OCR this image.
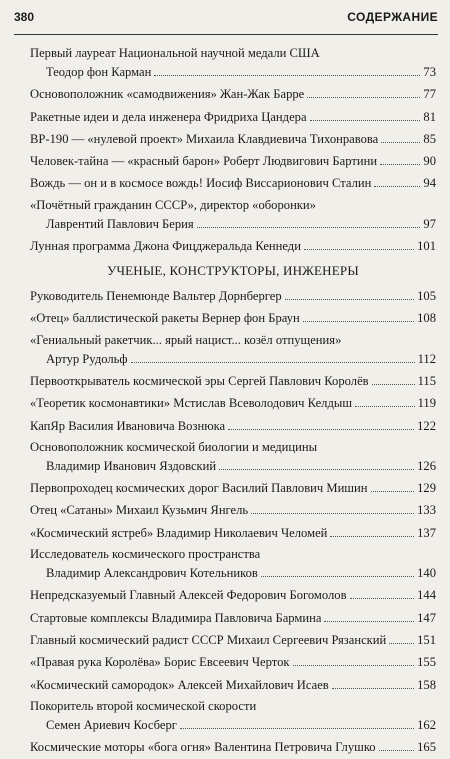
380	СОДЕРЖАНИЕ
Первый лауреат Национальной научной медали США
Теодор фон Карман	73
Основоположник «самодвижения» Жан-Жак Барре	77
Ракетные идеи и дела инженера Фридриха Цандера	81
ВР-190 — «нулевой проект» Михаила Клавдиевича Тихонравова	85
Человек-тайна — «красный барон» Роберт Людвигович Бартини	90
Вождь — он и в космосе вождь! Иосиф Виссарионович Сталин	94
«Почётный гражданин СССР», директор «оборонки»
Лаврентий Павлович Берия	97
Лунная программа Джона Фицджеральда Кеннеди	101
УЧЕНЫЕ, КОНСТРУКТОРЫ, ИНЖЕНЕРЫ
Руководитель Пенемюнде Вальтер Дорнбергер	105
«Отец» баллистической ракеты Вернер фон Браун	108
«Гениальный ракетчик... ярый нацист... козёл отпущения»
Артур Рудольф	112
Первооткрыватель космической эры Сергей Павлович Королёв	115
«Теоретик космонавтики» Мстислав Всеволодович Келдыш	119
КапЯр Василия Ивановича Вознюка	122
Основоположник космической биологии и медицины
Владимир Иванович Яздовский	126
Первопроходец космических дорог Василий Павлович Мишин	129
Отец «Сатаны» Михаил Кузьмич Янгель	133
«Космический ястреб» Владимир Николаевич Челомей	137
Исследователь космического пространства
Владимир Александрович Котельников	140
Непредсказуемый Главный Алексей Федорович Богомолов	144
Стартовые комплексы Владимира Павловича Бармина	147
Главный космический радист СССР Михаил Сергеевич Рязанский 151
«Правая рука Королёва» Борис Евсеевич Черток	155
«Космический самородок» Алексей Михайлович Исаев	158
Покоритель второй космической скорости
Семен Ариевич Косберг	162
Космические моторы «бога огня» Валентина Петровича Глушко	165
